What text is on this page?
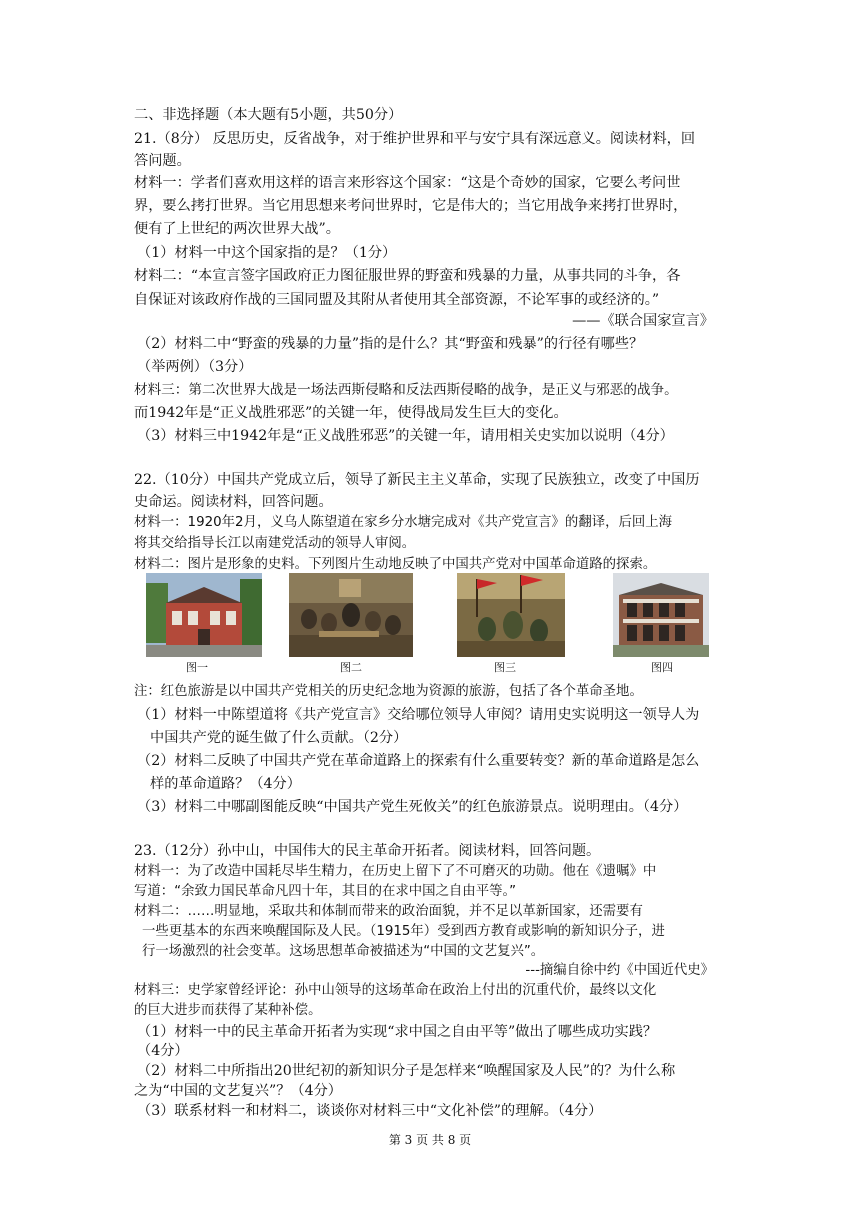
二、非选择题（本大题有5小题，共50分）
21.（8分） 反思历史，反省战争，对于维护世界和平与安宁具有深远意义。阅读材料，回
答问题。
材料一：学者们喜欢用这样的语言来形容这个国家：“这是个奇妙的国家，它要么考问世
界，要么拷打世界。当它用思想来考问世界时，它是伟大的；当它用战争来拷打世界时，
便有了上世纪的两次世界大战”。
（1）材料一中这个国家指的是？（1分）
材料二：“本宣言签字国政府正力图征服世界的野蛮和残暴的力量，从事共同的斗争，各
自保证对该政府作战的三国同盟及其附从者使用其全部资源，不论军事的或经济的。”
——《联合国家宣言》
（2）材料二中“野蛮的残暴的力量”指的是什么？其“野蛮和残暴”的行径有哪些？
（举两例）（3分）
材料三：第二次世界大战是一场法西斯侵略和反法西斯侵略的战争，是正义与邪恶的战争。
而1942年是“正义战胜邪恶”的关键一年，使得战局发生巨大的变化。
（3）材料三中1942年是“正义战胜邪恶”的关键一年，请用相关史实加以说明（4分）
22.（10分）中国共产党成立后，领导了新民主主义革命，实现了民族独立，改变了中国历
史命运。阅读材料，回答问题。
材料一：1920年2月，义乌人陈望道在家乡分水塘完成对《共产党宣言》的翻译，后回上海
将其交给指导长江以南建党活动的领导人审阅。
材料二：图片是形象的史料。下列图片生动地反映了中国共产党对中国革命道路的探索。
图一	图二	图三	图四
注：红色旅游是以中国共产党相关的历史纪念地为资源的旅游，包括了各个革命圣地。
（1）材料一中陈望道将《共产党宣言》交给哪位领导人审阅？请用史实说明这一领导人为
中国共产党的诞生做了什么贡献。（2分）
（2）材料二反映了中国共产党在革命道路上的探索有什么重要转变？新的革命道路是怎么
样的革命道路？（4分）
（3）材料二中哪副图能反映“中国共产党生死攸关”的红色旅游景点。说明理由。（4分）
23.（12分）孙中山，中国伟大的民主革命开拓者。阅读材料，回答问题。
材料一：为了改造中国耗尽毕生精力，在历史上留下了不可磨灭的功勋。他在《遗嘱》中
写道：“余致力国民革命凡四十年，其目的在求中国之自由平等。”
材料二：……明显地，采取共和体制而带来的政治面貌，并不足以革新国家，还需要有
一些更基本的东西来唤醒国际及人民。（1915年）受到西方教育或影响的新知识分子，进
行一场激烈的社会变革。这场思想革命被描述为“中国的文艺复兴”。
---摘编自徐中约《中国近代史》
材料三：史学家曾经评论：孙中山领导的这场革命在政治上付出的沉重代价，最终以文化
的巨大进步而获得了某种补偿。
（1）材料一中的民主革命开拓者为实现“求中国之自由平等”做出了哪些成功实践？
（4分）
（2）材料二中所指出20世纪初的新知识分子是怎样来“唤醒国家及人民”的？为什么称
之为“中国的文艺复兴”？（4分）
（3）联系材料一和材料二，谈谈你对材料三中“文化补偿”的理解。（4分）
第 3 页 共 8 页
